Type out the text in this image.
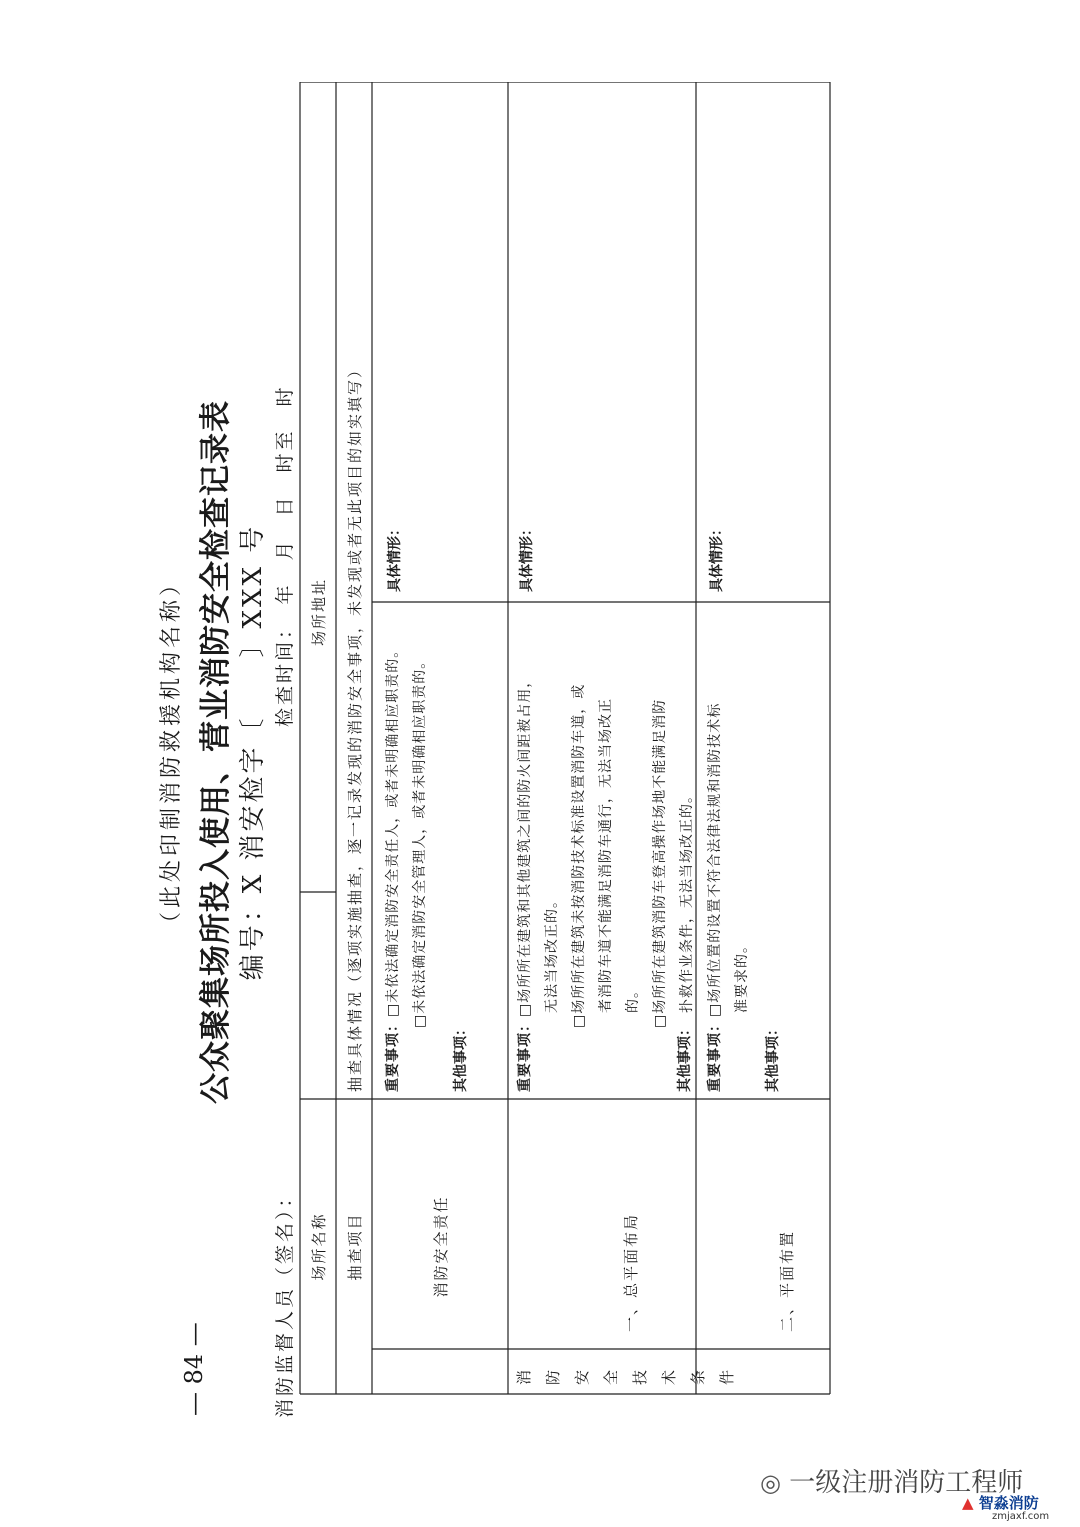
（此处印制消防救援机构名称） 公众聚集场所投入使用、营业消防安全检查记录表 编号：X 消安检字〔　　〕XXX 号
消防监督人员（签名）：
检查时间：　年　月　日　时至　时
场所名称
场所地址
抽查项目
抽查具体情况（逐项实施抽查，逐一记录发现的消防安全事项，未发现或者无此项目的如实填写）
消防安全责任
重要事项：□未依法确定消防安全责任人，或者未明确相应职责的。 □未依法确定消防安全管理人，或者未明确相应职责的。
其他事项：
具体情形：
消防安全技术条件
一、总平面布局
重要事项：□场所所在建筑和其他建筑之间的防火间距被占用， 　无法当场改正的。 □场所所在建筑未按消防技术标准设置消防车道，或 　者消防车道不能满足消防车通行，无法当场改正 　的。 □场所所在建筑消防车登高操作场地不能满足消防 　扑救作业条件，无法当场改正的。
其他事项：
具体情形：
二、平面布置
重要事项：□场所位置的设置不符合法律法规和消防技术标 　准要求的。
其他事项：
具体情形：
— 84 —
◎ 一级注册消防工程师
▲ 智淼消防
zmjaxf.com
